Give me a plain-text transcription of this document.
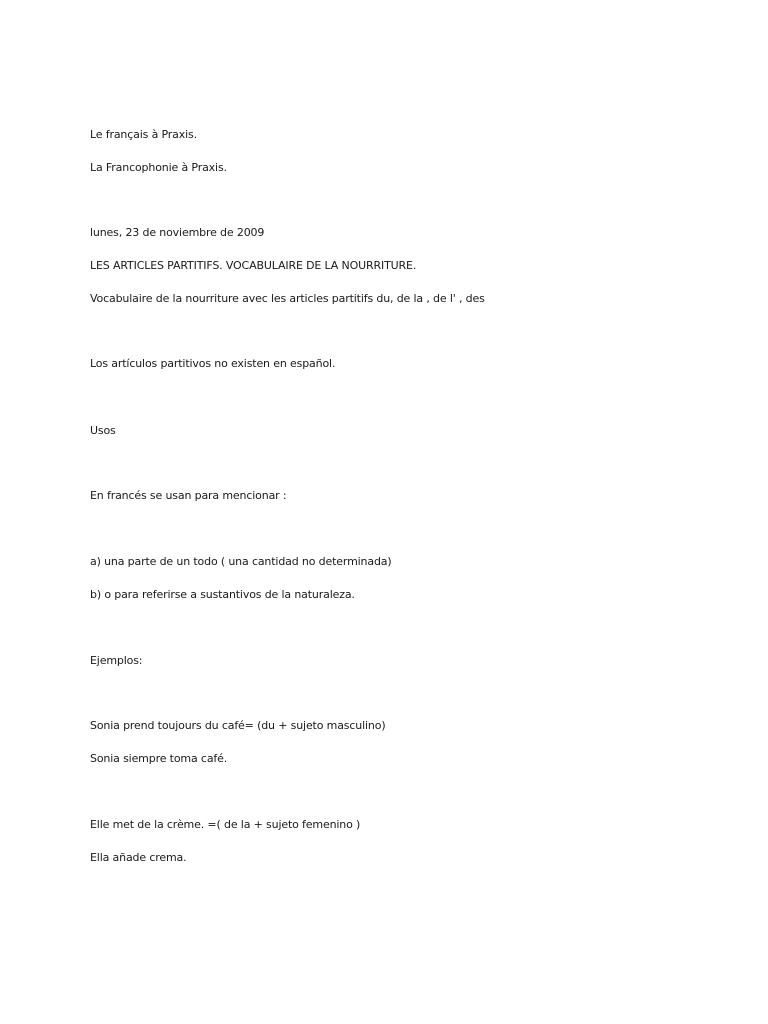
Le français à Praxis.

La Francophonie à Praxis.

lunes, 23 de noviembre de 2009

LES ARTICLES PARTITIFS. VOCABULAIRE DE LA NOURRITURE.

Vocabulaire de la nourriture avec les articles partitifs du, de la , de l' , des

Los artículos partitivos no existen en español.

Usos

En francés se usan para mencionar :

a) una parte de un todo ( una cantidad no determinada)

b) o para referirse a sustantivos de la naturaleza.

Ejemplos:

Sonia prend toujours du café= (du + sujeto masculino)

Sonia siempre toma café.

Elle met de la crème. =( de la + sujeto femenino )

Ella añade crema.
